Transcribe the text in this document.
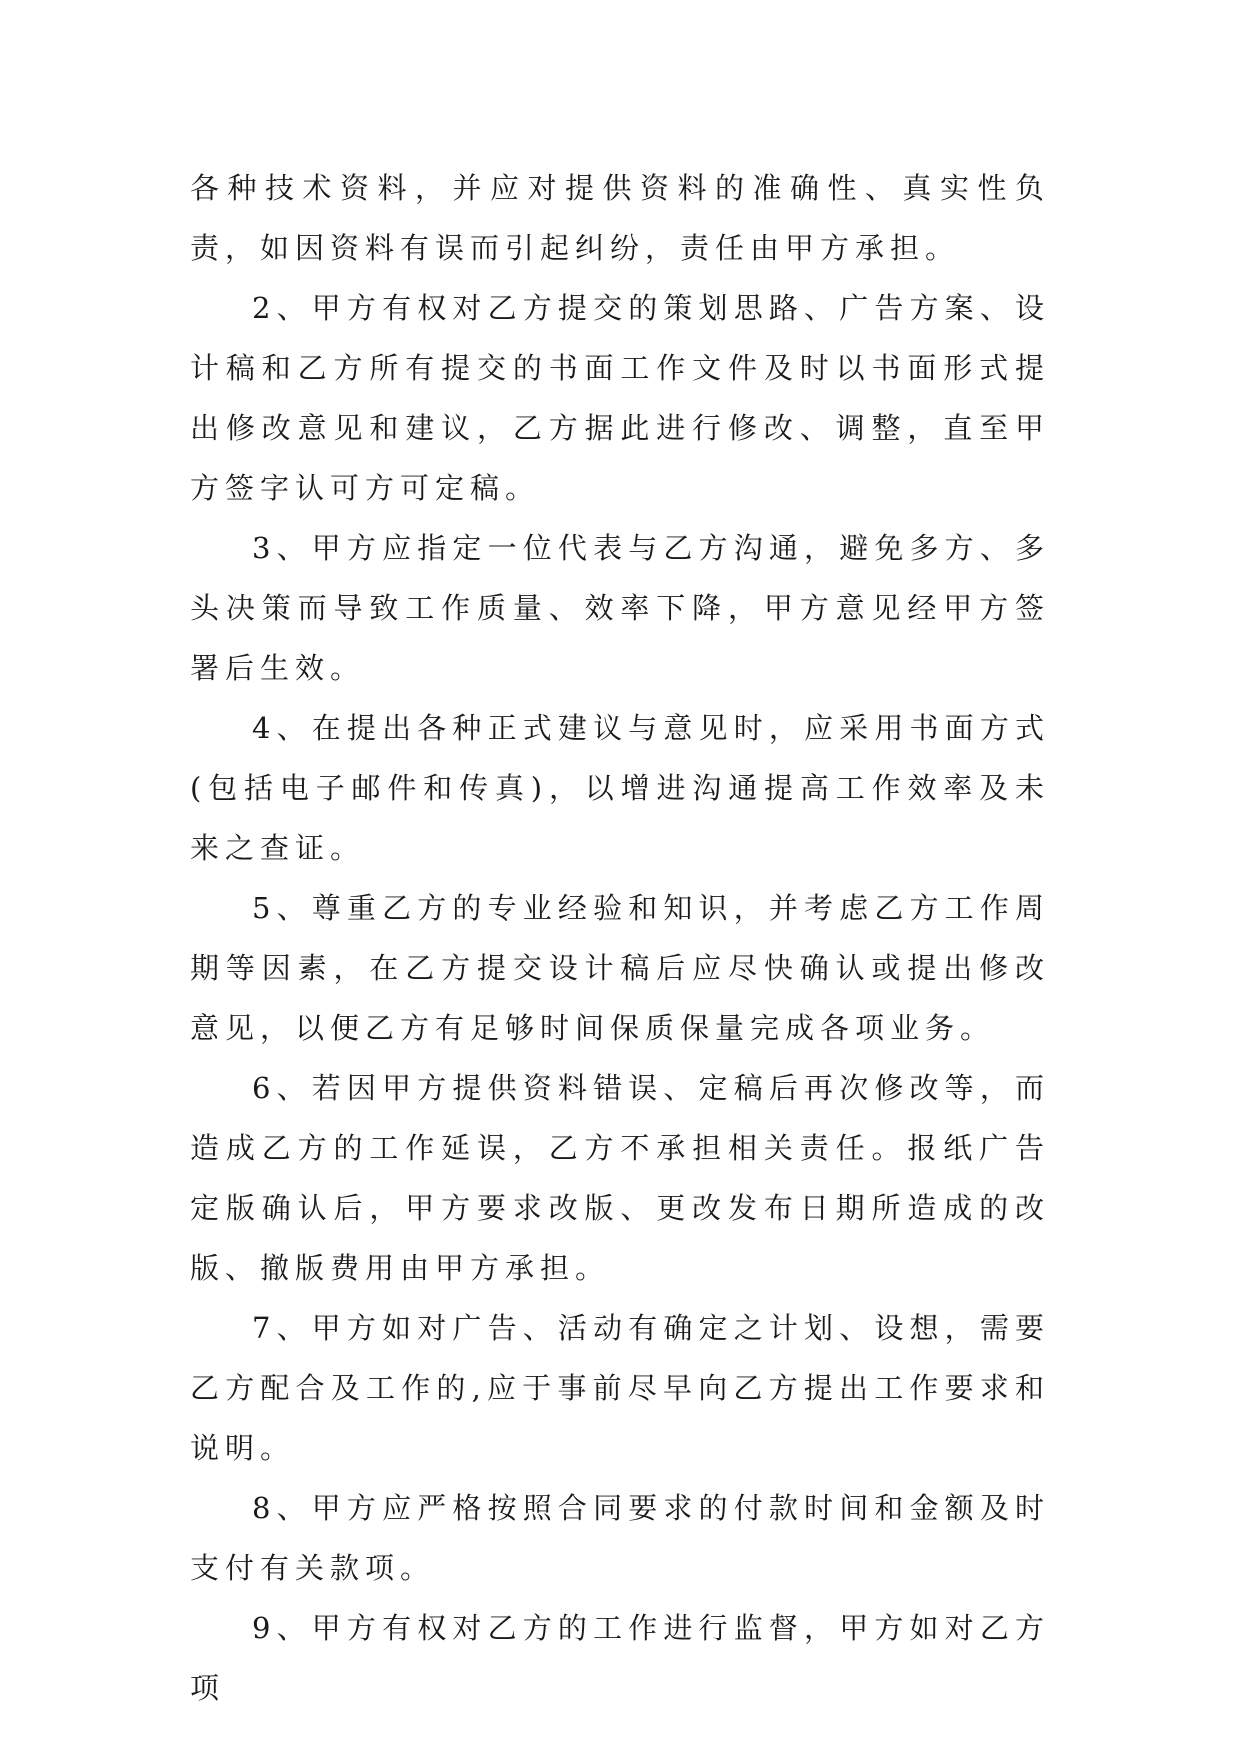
各种技术资料，并应对提供资料的准确性、真实性负责，如因资料有误而引起纠纷，责任由甲方承担。

2、甲方有权对乙方提交的策划思路、广告方案、设计稿和乙方所有提交的书面工作文件及时以书面形式提出修改意见和建议，乙方据此进行修改、调整，直至甲方签字认可方可定稿。

3、甲方应指定一位代表与乙方沟通，避免多方、多头决策而导致工作质量、效率下降，甲方意见经甲方签署后生效。

4、在提出各种正式建议与意见时，应采用书面方式(包括电子邮件和传真)，以增进沟通提高工作效率及未来之查证。

5、尊重乙方的专业经验和知识，并考虑乙方工作周期等因素，在乙方提交设计稿后应尽快确认或提出修改意见，以便乙方有足够时间保质保量完成各项业务。

6、若因甲方提供资料错误、定稿后再次修改等，而造成乙方的工作延误，乙方不承担相关责任。报纸广告定版确认后，甲方要求改版、更改发布日期所造成的改版、撤版费用由甲方承担。

7、甲方如对广告、活动有确定之计划、设想，需要乙方配合及工作的,应于事前尽早向乙方提出工作要求和说明。

8、甲方应严格按照合同要求的付款时间和金额及时支付有关款项。

9、甲方有权对乙方的工作进行监督，甲方如对乙方项
